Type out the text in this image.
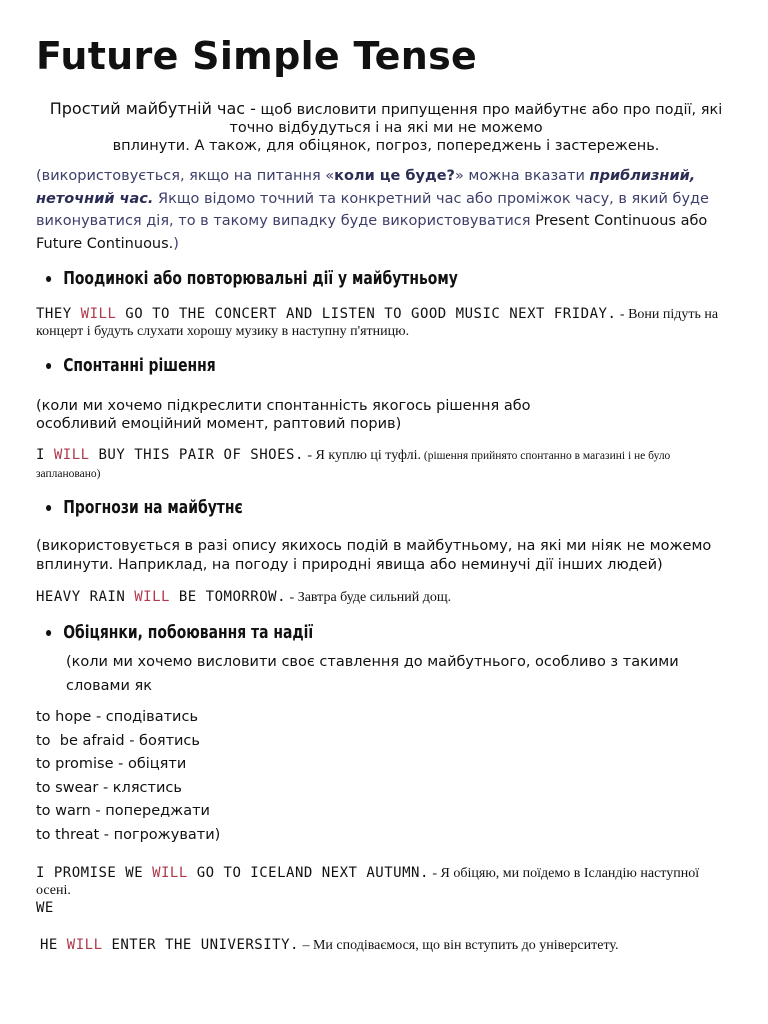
Future Simple Tense
Простий майбутній час - щоб висловити припущення про майбутнє або про події, які точно відбудуться і на які ми не можемо
вплинути. А також, для обіцянок, погроз, попереджень і застережень.
(використовується, якщо на питання «коли це буде?» можна вказати приблизний, неточний час. Якщо відомо точний та конкретний час або проміжок часу, в який буде виконуватися дія, то в такому випадку буде використовуватися Present Continuous або Future Continuous.)
Поодинокі або повторювальні дії у майбутньому
THEY WILL GO TO THE CONCERT AND LISTEN TO GOOD MUSIC NEXT FRIDAY. - Вони підуть на концерт і будуть слухати хорошу музику в наступну п'ятницю.
Спонтанні рішення
(коли ми хочемо підкреслити спонтанність якогось рішення або
особливий емоційний момент, раптовий порив)
I WILL BUY THIS PAIR OF SHOES. - Я куплю ці туфлі. (рішення прийнято спонтанно в магазині і не було заплановано)
Прогнози на майбутнє
(використовується в разі опису якихось подій в майбутньому, на які ми ніяк не можемо вплинути. Наприклад, на погоду і природні явища або неминучі дії інших людей)
HEAVY RAIN WILL BE TOMORROW. - Завтра буде сильний дощ.
Обіцянки, побоювання та надії
(коли ми хочемо висловити своє ставлення до майбутнього, особливо з такими словами як
to hope - сподіватись
to  be afraid - боятись
to promise - обіцяти
to swear - клястись
to warn - попереджати
to threat - погрожувати)
I PROMISE WE WILL GO TO ICELAND NEXT AUTUMN. - Я обіцяю, ми поїдемо в Ісландію наступної осені.
WE
HE WILL ENTER THE UNIVERSITY. – Ми сподіваємося, що він вступить до університету.
